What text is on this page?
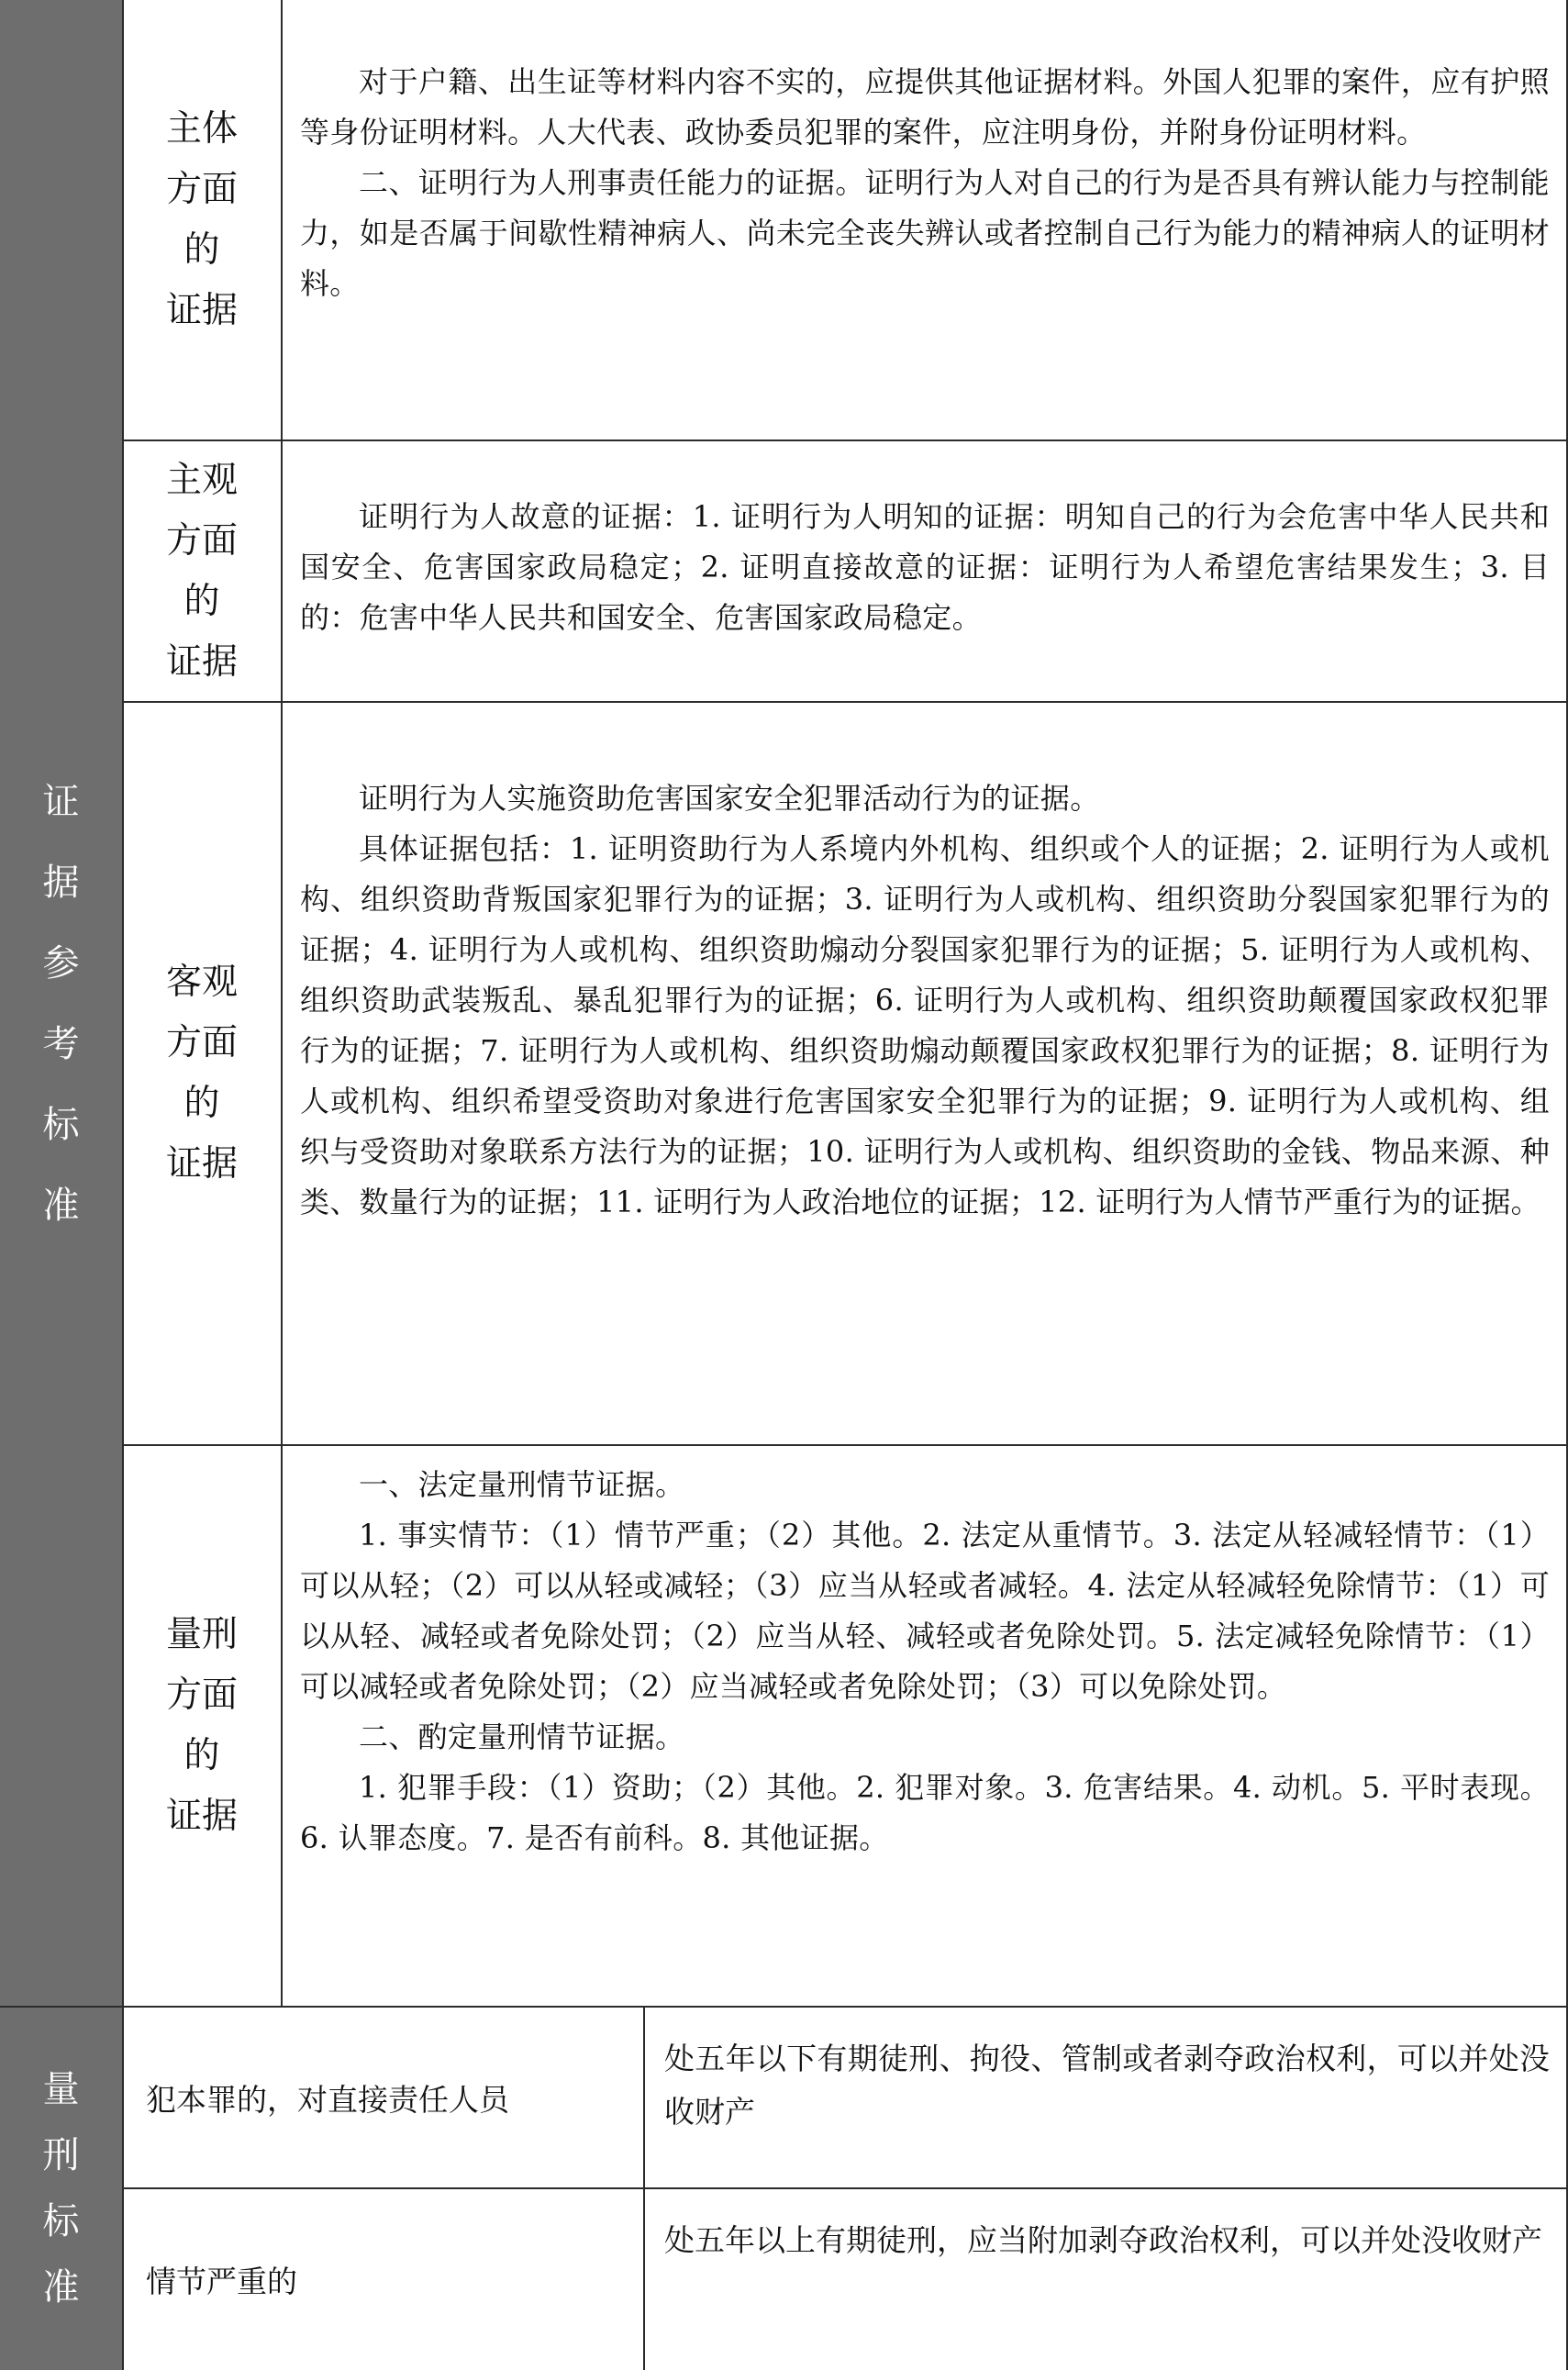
证
据
参
考
标
准
量
刑
标
准
主体
方面
的
证据

对于户籍、出生证等材料内容不实的，应提供其他证据材料。外国人犯罪的案件，应有护照等身份证明材料。人大代表、政协委员犯罪的案件，应注明身份，并附身份证明材料。

二、证明行为人刑事责任能力的证据。证明行为人对自己的行为是否具有辨认能力与控制能力，如是否属于间歇性精神病人、尚未完全丧失辨认或者控制自己行为能力的精神病人的证明材料。

主观
方面
的
证据

证明行为人故意的证据：1. 证明行为人明知的证据：明知自己的行为会危害中华人民共和国安全、危害国家政局稳定；2. 证明直接故意的证据：证明行为人希望危害结果发生；3. 目的：危害中华人民共和国安全、危害国家政局稳定。

客观
方面
的
证据

证明行为人实施资助危害国家安全犯罪活动行为的证据。

具体证据包括：1. 证明资助行为人系境内外机构、组织或个人的证据；2. 证明行为人或机构、组织资助背叛国家犯罪行为的证据；3. 证明行为人或机构、组织资助分裂国家犯罪行为的证据；4. 证明行为人或机构、组织资助煽动分裂国家犯罪行为的证据；5. 证明行为人或机构、组织资助武装叛乱、暴乱犯罪行为的证据；6. 证明行为人或机构、组织资助颠覆国家政权犯罪行为的证据；7. 证明行为人或机构、组织资助煽动颠覆国家政权犯罪行为的证据；8. 证明行为人或机构、组织希望受资助对象进行危害国家安全犯罪行为的证据；9. 证明行为人或机构、组织与受资助对象联系方法行为的证据；10. 证明行为人或机构、组织资助的金钱、物品来源、种类、数量行为的证据；11. 证明行为人政治地位的证据；12. 证明行为人情节严重行为的证据。

量刑
方面
的
证据

一、法定量刑情节证据。

1. 事实情节：（1）情节严重；（2）其他。2. 法定从重情节。3. 法定从轻减轻情节：（1）可以从轻；（2）可以从轻或减轻；（3）应当从轻或者减轻。4. 法定从轻减轻免除情节：（1）可以从轻、减轻或者免除处罚；（2）应当从轻、减轻或者免除处罚。5. 法定减轻免除情节：（1）可以减轻或者免除处罚；（2）应当减轻或者免除处罚；（3）可以免除处罚。

二、酌定量刑情节证据。

1. 犯罪手段：（1）资助；（2）其他。2. 犯罪对象。3. 危害结果。4. 动机。5. 平时表现。6. 认罪态度。7. 是否有前科。8. 其他证据。

犯本罪的，对直接责任人员
处五年以下有期徒刑、拘役、管制或者剥夺政治权利，可以并处没收财产
情节严重的
处五年以上有期徒刑，应当附加剥夺政治权利，可以并处没收财产
